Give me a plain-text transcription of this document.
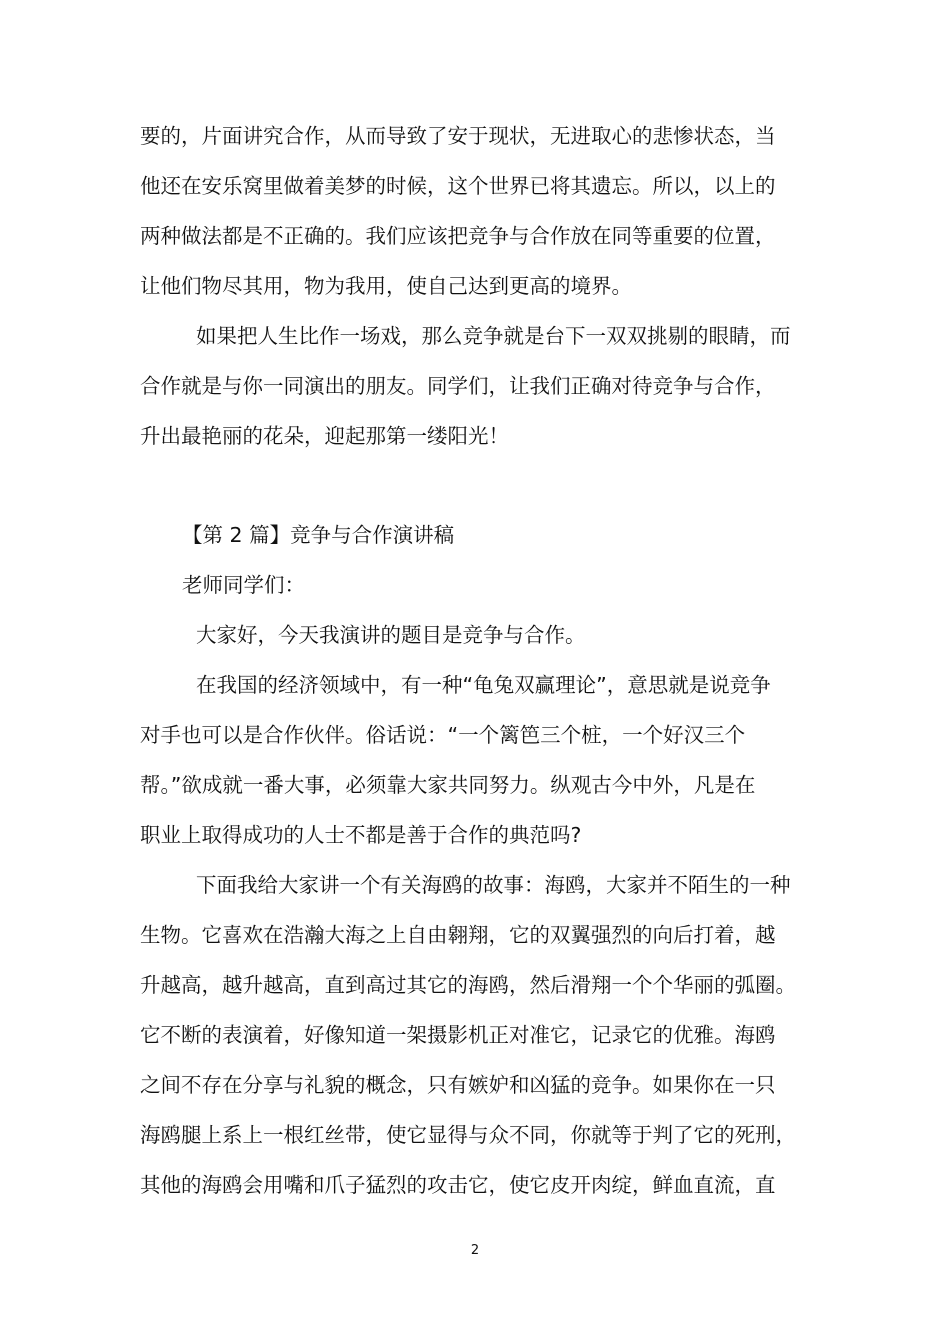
要的，片面讲究合作，从而导致了安于现状，无进取心的悲惨状态，当
他还在安乐窝里做着美梦的时候，这个世界已将其遗忘。所以，以上的
两种做法都是不正确的。我们应该把竞争与合作放在同等重要的位置，
让他们物尽其用，物为我用，使自己达到更高的境界。
如果把人生比作一场戏，那么竞争就是台下一双双挑剔的眼睛，而
合作就是与你一同演出的朋友。同学们，让我们正确对待竞争与合作，
升出最艳丽的花朵，迎起那第一缕阳光！
【第 2 篇】竞争与合作演讲稿
老师同学们：
大家好，今天我演讲的题目是竞争与合作。
在我国的经济领域中，有一种“龟兔双赢理论”，意思就是说竞争
对手也可以是合作伙伴。俗话说：“一个篱笆三个桩，一个好汉三个
帮。”欲成就一番大事，必须靠大家共同努力。纵观古今中外，凡是在
职业上取得成功的人士不都是善于合作的典范吗?
下面我给大家讲一个有关海鸥的故事：海鸥，大家并不陌生的一种
生物。它喜欢在浩瀚大海之上自由翱翔，它的双翼强烈的向后打着，越
升越高，越升越高，直到高过其它的海鸥，然后滑翔一个个华丽的弧圈。
它不断的表演着，好像知道一架摄影机正对准它，记录它的优雅。海鸥
之间不存在分享与礼貌的概念，只有嫉妒和凶猛的竞争。如果你在一只
海鸥腿上系上一根红丝带，使它显得与众不同，你就等于判了它的死刑，
其他的海鸥会用嘴和爪子猛烈的攻击它，使它皮开肉绽，鲜血直流，直
2
